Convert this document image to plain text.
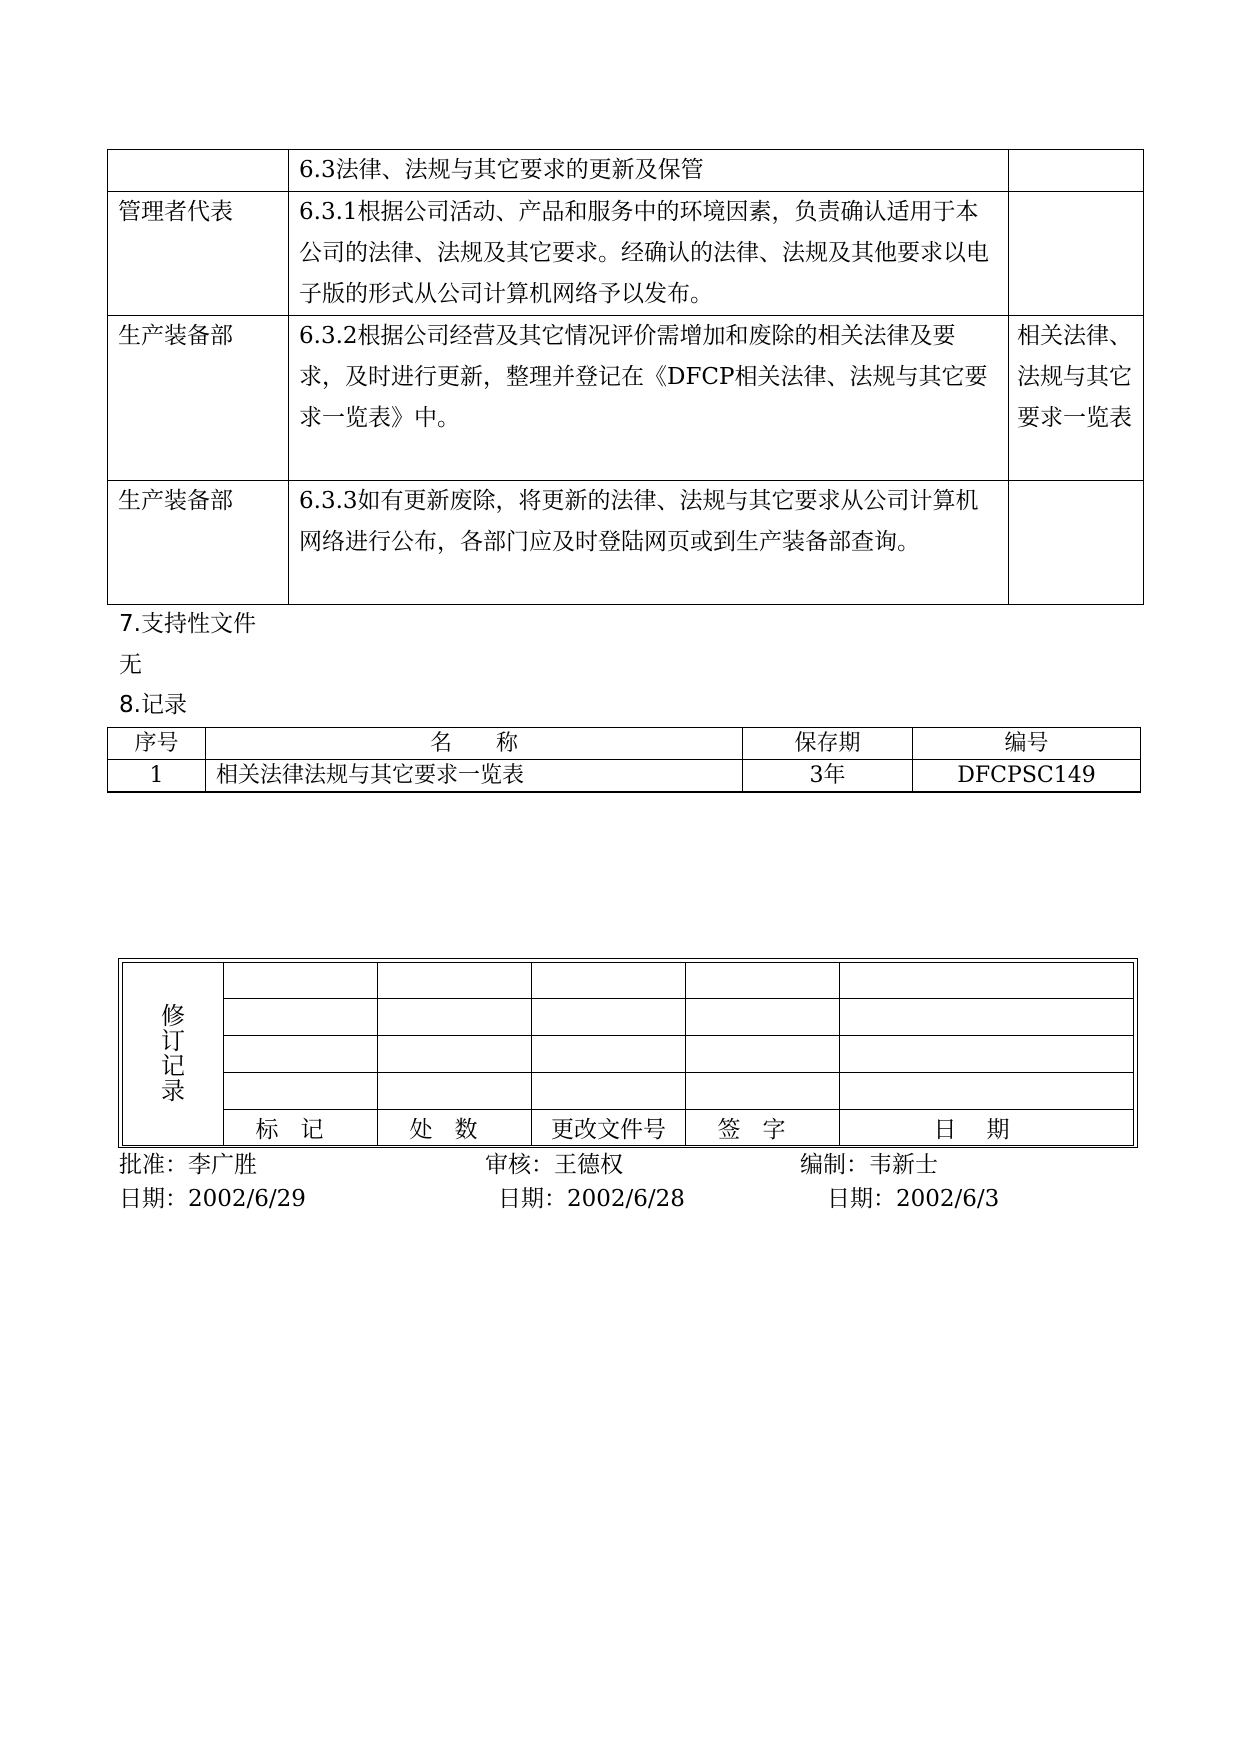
	6.3法律、法规与其它要求的更新及保管	
管理者代表	6.3.1根据公司活动、产品和服务中的环境因素，负责确认适用于本公司的法律、法规及其它要求。经确认的法律、法规及其他要求以电子版的形式从公司计算机网络予以发布。	
生产装备部	6.3.2根据公司经营及其它情况评价需增加和废除的相关法律及要求，及时进行更新，整理并登记在《DFCP相关法律、法规与其它要求一览表》中。	相关法律、法规与其它要求一览表
生产装备部	6.3.3如有更新废除，将更新的法律、法规与其它要求从公司计算机网络进行公布，各部门应及时登陆网页或到生产装备部查询。	
7.支持性文件
无
8.记录
序号	名　　称	保存期	编号
1	相关法律法规与其它要求一览表	3年	DFCPSC149
修
订
记
录					

	标记	处数	更改文件号	签字	日期
批准：李广胜	审核：王德权	编制：韦新士
日期：2002/6/29	日期：2002/6/28	日期：2002/6/3
